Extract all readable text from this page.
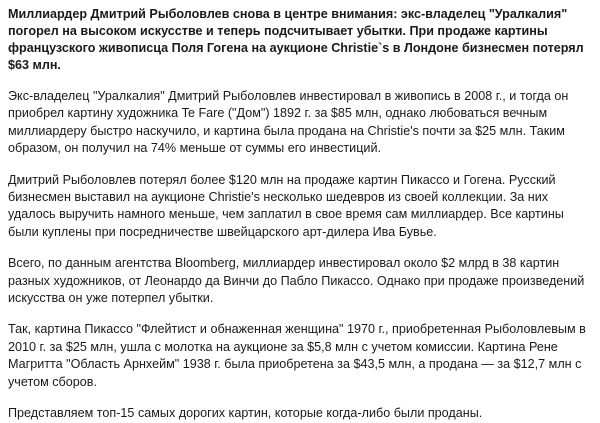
Миллиардер Дмитрий Рыболовлев снова в центре внимания: экс-владелец "Уралкалия" погорел на высоком искусстве и теперь подсчитывает убытки. При продаже картины французского живописца Поля Гогена на аукционе Christie`s в Лондоне бизнесмен потерял $63 млн.

Экс-владелец "Уралкалия" Дмитрий Рыболовлев инвестировал в живопись в 2008 г., и тогда он приобрел картину художника Te Fare ("Дом") 1892 г. за $85 млн, однако любоваться вечным миллиардеру быстро наскучило, и картина была продана на Christie's почти за $25 млн. Таким образом, он получил на 74% меньше от суммы его инвестиций.

Дмитрий Рыболовлев потерял более $120 млн на продаже картин Пикассо и Гогена. Русский бизнесмен выставил на аукционе Christie's несколько шедевров из своей коллекции. За них удалось выручить намного меньше, чем заплатил в свое время сам миллиардер. Все картины были куплены при посредничестве швейцарского арт-дилера Ива Бувье.

Всего, по данным агентства Bloomberg, миллиардер инвестировал около $2 млрд в 38 картин разных художников, от Леонардо да Винчи до Пабло Пикассо. Однако при продаже произведений искусства он уже потерпел убытки.

Так, картина Пикассо "Флейтист и обнаженная женщина" 1970 г., приобретенная Рыболовлевым в 2010 г. за $25 млн, ушла с молотка на аукционе за $5,8 млн с учетом комиссии. Картина Рене Магритта "Область Арнхейм" 1938 г. была приобретена за $43,5 млн, а продана — за $12,7 млн с учетом сборов.

Представляем топ-15 самых дорогих картин, которые когда-либо были проданы.
